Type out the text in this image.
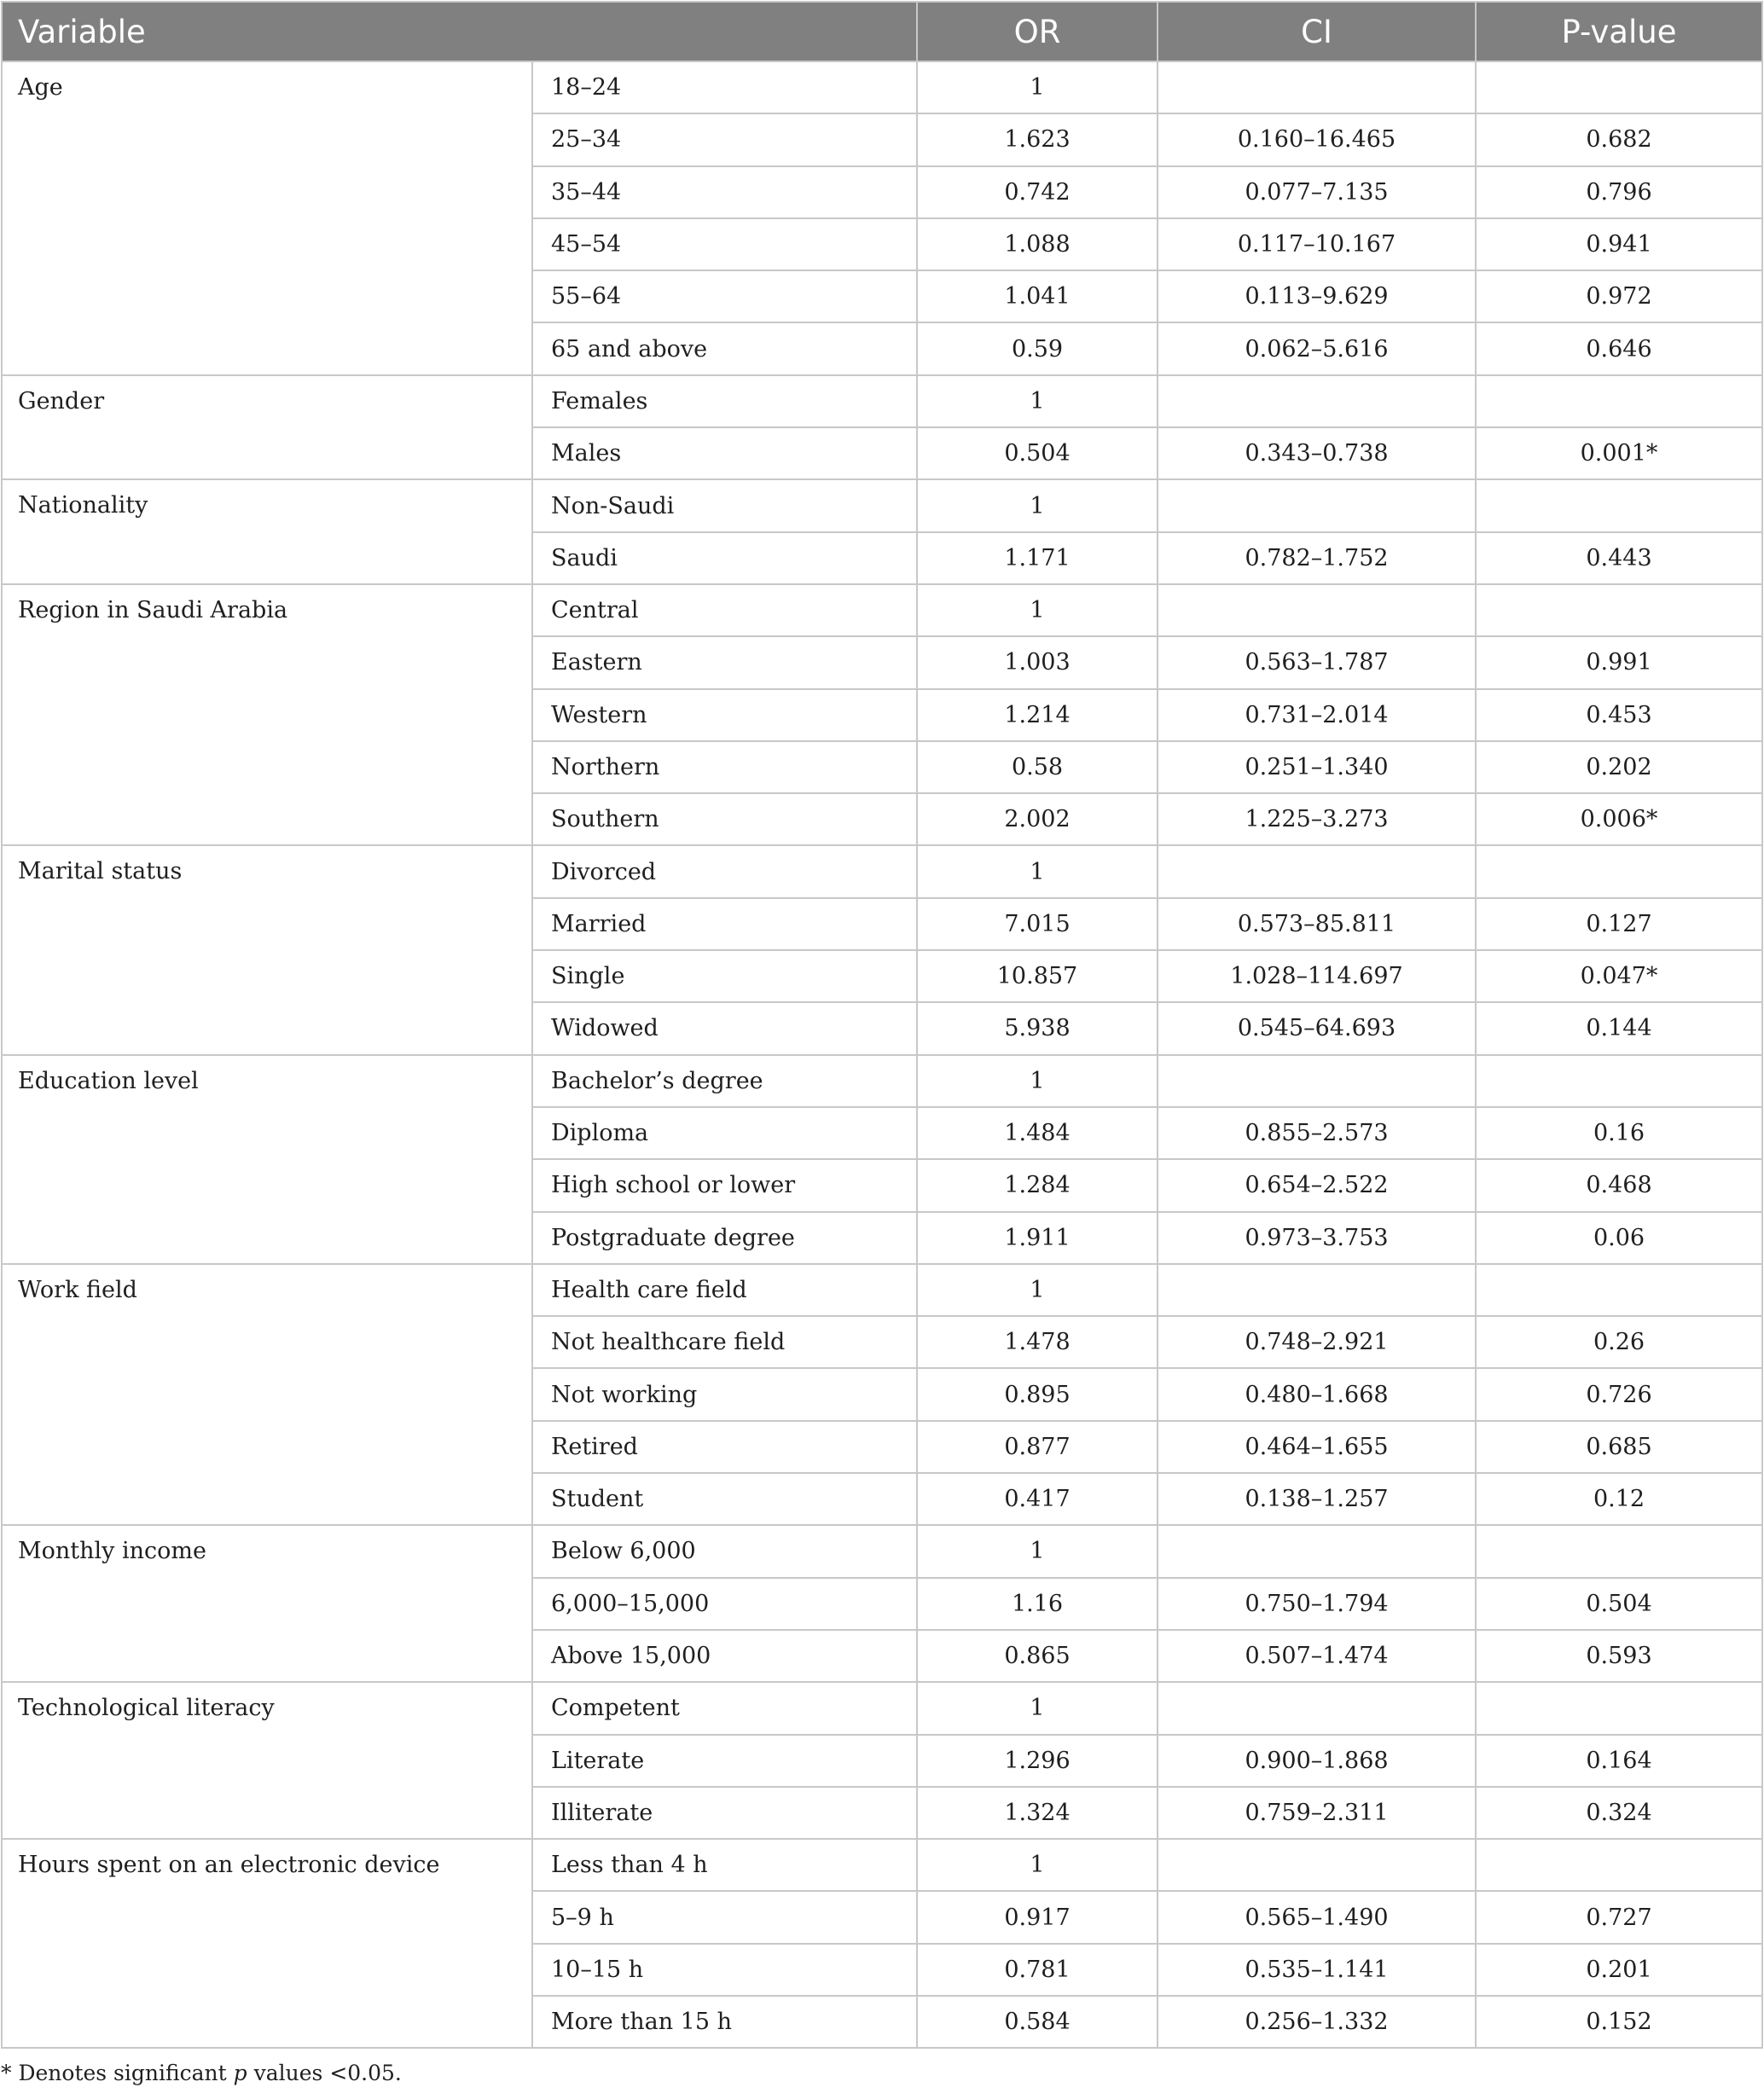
Variable		OR	CI	P-value
Age	18–24	1		
	25–34	1.623	0.160–16.465	0.682
	35–44	0.742	0.077–7.135	0.796
	45–54	1.088	0.117–10.167	0.941
	55–64	1.041	0.113–9.629	0.972
	65 and above	0.59	0.062–5.616	0.646
Gender	Females	1		
	Males	0.504	0.343–0.738	0.001*
Nationality	Non-Saudi	1		
	Saudi	1.171	0.782–1.752	0.443
Region in Saudi Arabia	Central	1		
	Eastern	1.003	0.563–1.787	0.991
	Western	1.214	0.731–2.014	0.453
	Northern	0.58	0.251–1.340	0.202
	Southern	2.002	1.225–3.273	0.006*
Marital status	Divorced	1		
	Married	7.015	0.573–85.811	0.127
	Single	10.857	1.028–114.697	0.047*
	Widowed	5.938	0.545–64.693	0.144
Education level	Bachelor’s degree	1		
	Diploma	1.484	0.855–2.573	0.16
	High school or lower	1.284	0.654–2.522	0.468
	Postgraduate degree	1.911	0.973–3.753	0.06
Work field	Health care field	1		
	Not healthcare field	1.478	0.748–2.921	0.26
	Not working	0.895	0.480–1.668	0.726
	Retired	0.877	0.464–1.655	0.685
	Student	0.417	0.138–1.257	0.12
Monthly income	Below 6,000	1		
	6,000–15,000	1.16	0.750–1.794	0.504
	Above 15,000	0.865	0.507–1.474	0.593
Technological literacy	Competent	1		
	Literate	1.296	0.900–1.868	0.164
	Illiterate	1.324	0.759–2.311	0.324
Hours spent on an electronic device	Less than 4 h	1		
	5–9 h	0.917	0.565–1.490	0.727
	10–15 h	0.781	0.535–1.141	0.201
	More than 15 h	0.584	0.256–1.332	0.152
* Denotes significant p values <0.05.
